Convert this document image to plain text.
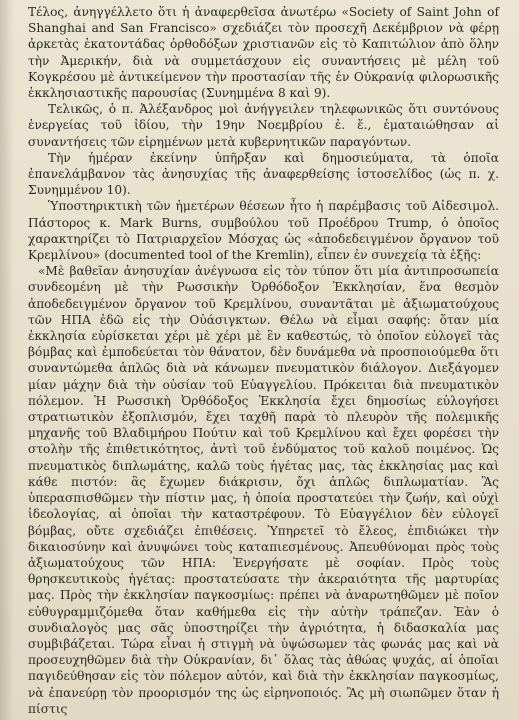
Τέλος, ἀνηγγέλλετο ὅτι ἡ ἀναφερθεῖσα ἀνωτέρω «Society of Saint John of Shanghai and San Francisco» σχεδιάζει τὸν προσεχῆ Δεκέμβριον νὰ φέρῃ ἀρκετὰς ἑκατοντάδας ὀρθοδόξων χριστιανῶν εἰς τὸ Καπιτώλιον ἀπὸ ὅλην τὴν Ἀμερικήν, διὰ νὰ συμμετάσχουν εἰς συναντήσεις μὲ μέλη τοῦ Κογκρέσου μὲ ἀντικείμενον τὴν προστασίαν τῆς ἐν Οὐκρανίᾳ φιλορωσικῆς ἐκκλησιαστικῆς παρουσίας (Συνημμένα 8 καὶ 9).

Τελικῶς, ὁ π. Ἀλέξανδρος μοὶ ἀνήγγειλεν τηλεφωνικῶς ὅτι συντόνους ἐνεργείας τοῦ ἰδίου, τὴν 19ην Νοεμβρίου ἐ. ἔ., ἐματαιώθησαν αἱ συναντήσεις τῶν εἰρημένων μετὰ κυβερνητικῶν παραγόντων.

Τὴν ἡμέραν ἐκείνην ὑπῆρξαν καὶ δημοσιεύματα, τὰ ὁποῖα ἐπανελάμβανον τὰς ἀνησυχίας τῆς ἀναφερθείσης ἱστοσελίδος (ὡς π. χ. Συνημμένον 10).

Ὑποστηρικτικὴ τῶν ἡμετέρων θέσεων ἦτο ἡ παρέμβασις τοῦ Αἰδεσιμολ. Πάστορος κ. Mark Burns, συμβούλου τοῦ Προέδρου Trump, ὁ ὁποῖος χαρακτηρίζει τὸ Πατριαρχεῖον Μόσχας ὡς «ἀποδεδειγμένον ὄργανον τοῦ Κρεμλίνου» (documented tool of the Kremlin), εἶπεν ἐν συνεχείᾳ τὰ ἑξῆς:

«Μὲ βαθεῖαν ἀνησυχίαν ἀνέγνωσα εἰς τὸν τύπον ὅτι μία ἀντιπροσωπεία συνδεομένη μὲ τὴν Ρωσσικὴν Ὀρθόδοξον Ἐκκλησίαν, ἕνα θεσμὸν ἀποδεδειγμένον ὄργανον τοῦ Κρεμλίνου, συναντᾶται μὲ ἀξιωματούχους τῶν ΗΠΑ ἐδῶ εἰς τὴν Οὐάσιγκτων. Θέλω νὰ εἶμαι σαφής: ὅταν μία ἐκκλησία εὑρίσκεται χέρι μὲ χέρι μὲ ἓν καθεστώς, τὸ ὁποῖον εὐλογεῖ τὰς βόμβας καὶ ἐμποδεύεται τὸν θάνατον, δὲν δυνάμεθα νὰ προσποιούμεθα ὅτι συναντώμεθα ἁπλῶς διὰ νὰ κάνωμεν πνευματικὸν διάλογον. Διεξάγομεν μίαν μάχην διὰ τὴν οὐσίαν τοῦ Εὐαγγελίου. Πρόκειται διὰ πνευματικὸν πόλεμον. Ἡ Ρωσσικὴ Ὀρθόδοξος Ἐκκλησία ἔχει δημοσίως εὐλογήσει στρατιωτικὸν ἐξοπλισμόν, ἔχει ταχθῆ παρὰ τὸ πλευρὸν τῆς πολεμικῆς μηχανῆς τοῦ Βλαδιμήρου Πούτιν καὶ τοῦ Κρεμλίνου καὶ ἔχει φορέσει τὴν στολὴν τῆς ἐπιθετικότητος, ἀντὶ τοῦ ἐνδύματος τοῦ καλοῦ ποιμένος. Ὡς πνευματικὸς διπλωμάτης, καλῶ τοὺς ἡγέτας μας, τὰς ἐκκλησίας μας καὶ κάθε πιστόν: ἂς ἔχωμεν διάκρισιν, ὄχι ἁπλῶς διπλωματίαν. Ἂς ὑπερασπισθῶμεν τὴν πίστιν μας, ἡ ὁποία προστατεύει τὴν ζωήν, καὶ οὐχὶ ἰδεολογίας, αἱ ὁποῖαι τὴν καταστρέφουν. Τὸ Εὐαγγέλιον δὲν εὐλογεῖ βόμβας, οὔτε σχεδιάζει ἐπιθέσεις. Ὑπηρετεῖ τὸ ἔλεος, ἐπιδιώκει τὴν δικαιοσύνην καὶ ἀνυψώνει τοὺς καταπιεσμένους. Ἀπευθύνομαι πρὸς τοὺς ἀξιωματούχους τῶν ΗΠΑ: Ἐνεργήσατε μὲ σοφίαν. Πρὸς τοὺς θρησκευτικοὺς ἡγέτας: προστατεύσατε τὴν ἀκεραιότητα τῆς μαρτυρίας μας. Πρὸς τὴν ἐκκλησίαν παγκοσμίως: πρέπει νὰ ἀναρωτηθῶμεν μὲ ποῖον εὐθυγραμμιζόμεθα ὅταν καθήμεθα εἰς τὴν αὐτὴν τράπεζαν. Ἐὰν ὁ συνδιαλογὸς μας σᾶς ὑποστηρίζει τὴν ἀγριότητα, ἡ διδασκαλία μας συμβιβάζεται. Τώρα εἶναι ἡ στιγμὴ νὰ ὑψώσωμεν τὰς φωνάς μας καὶ νὰ προσευχηθῶμεν διὰ τὴν Οὐκρανίαν, δι᾽ ὅλας τὰς ἀθώας ψυχάς, αἱ ὁποῖαι παγιδεύθησαν εἰς τὸν πόλεμον αὐτόν, καὶ διὰ τὴν ἐκκλησίαν παγκοσμίως, νὰ ἐπανεύρῃ τὸν προορισμόν της ὡς εἰρηνοποιός. Ἂς μὴ σιωπῶμεν ὅταν ἡ πίστις
